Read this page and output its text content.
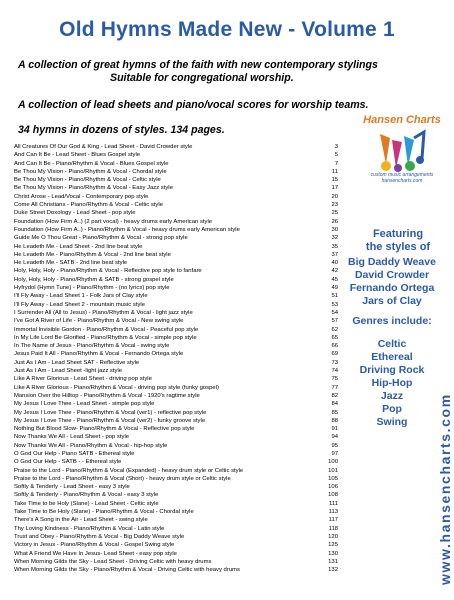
Old Hymns Made New - Volume 1
A collection of great hymns of the faith with new contemporary stylings
Suitable for congregational worship.
A collection of lead sheets and piano/vocal scores for worship teams.
34 hymns in dozens of styles. 134 pages.
All Creatures Of Our God & King - Lead Sheet - David Crowder style	3
And Can It Be - Lead Sheet - Blues Gospel style	5
And Can It Be - Piano/Rhythm & Vocal - Blues Gospel style	7
Be Thou My Vision - Piano/Rhythm & Vocal - Chordal style	11
Be Thou My Vision - Piano/Rhythm & Vocal - Celtic style	15
Be Thou My Vision - Piano/Rhythm & Vocal - Easy Jazz style	17
Christ Arose - Lead/Vocal - Contemporary pop style	20
Come All Christians - Piano/Rhythm & Vocal - Celtic style	23
Duke Street Doxology - Lead Sheet - pop style	25
Foundation (How Firm A..) (2 part vocal) - heavy drums early American style	26
Foundation (How Firm A..) - Piano/Rhythm & Vocal - heavy drums early American style	30
Guide Me O Thou Great - Piano/Rhythm & Vocal - strong pop style	32
He Leadeth Me - Lead Sheet - 2nd line beat style	35
He Leadeth Me - Piano/Rhythm & Vocal - 2nd line beat style	37
He Leadeth Me - SATB - 2nd line beat style	40
Holy, Holy, Holy - Piano/Rhythm & Vocal - Reflective pop style to fanfare	42
Holy, Holy, Holy - Piano/Rhythm & SATB - strong gospel style	45
Hyfrydol (Hymn Tune) - Piano/Rhythm - (no lyrics) pop style	49
I'll Fly Away - Lead Sheet 1 - Folk Jars of Clay style	51
I'll Fly Away - Lead Sheet 2 - mountain music style	53
I Surrender All (All to Jesus) - Piano/Rhythm & Vocal - light jazz style	54
I've Got A River of Life - Piano/Rhythm & Vocal - New swing style	57
Immortal Invisible Gordon - Piano/Rhythm & Vocal - Peaceful pop style	62
In My Life Lord Be Glorified - Piano/Rhythm & Vocal - simple pop style	65
In The Name of Jesus - Piano/Rhythm & Vocal - swing style	66
Jesus Paid It All - Piano/Rhythm & Vocal - Fernando Ortega style	69
Just As I Am - Lead Sheet SAT - Reflective style	73
Just As I Am - Lead Sheet -light jazz style	74
Like A River Glorious - Lead Sheet - driving pop style	75
Like A River Glorious - Piano/Rhythm & Vocal - driving pop style (funky gospel)	77
Mansion Over the Hilltop - Piano/Rhythm & Vocal - 1920's ragtime style	82
My Jesus I Love Thee - Lead Sheet - simple pop style	84
My Jesus I Love Thee - Piano/Rhythm & Vocal (ver1) - reflective pop style	85
My Jesus I Love Thee - Piano/Rhythm & Vocal (ver2) - funky groove style	88
Nothing But Blood Slow- Piano/Rhythm & Vocal - Reflective pop style	91
Now Thanks We All - Lead Sheet - pop style	94
Now Thanks We All - Piano/Rhythm & Vocal - hip-hop style	95
O God Our Help - Piano SATB - Ethereal style	97
O God Our Help - SATB - - Ethereal style	100
Praise to the Lord - Piano/Rhythm & Vocal (Expanded) - heavy drum style or Celtic style	101
Praise to the Lord - Piano/Rhythm & Vocal (Short) - heavy drum style or Celtic style	105
Softly & Tenderly - Lead Sheet - easy 3 style	106
Softly & Tenderly - Piano/Rhythm & Vocal - easy 3 style	108
Take Time to be Holy (Slane) - Lead Sheet - Celtic style	111
Take Time to Be Holy (Slane) - Piano/Rhythm & Vocal - Chordal style	113
There's A Song in the Air - Lead Sheet - swing style	117
Thy Loving Kindness - Piano/Rhythm & Vocal - Latin style	118
Trust and Obey - Piano/Rhythm & Vocal - Big Daddy Weave style	120
Victory in Jesus - Piano/Rhythm & Vocal - Gospel Swing style	125
What A Friend We Have In Jesus- Lead Sheet - easy pop style	130
When Morning Gilds the Sky - Lead Sheet - Driving Celtic with heavy drums	131
When Morning Gilds the Sky - Piano/Rhythm & Vocal - Driving Celtic with heavy drums	132
Hansen Charts
custom music arrangements
hansencharts.com
Featuring
the styles of
Big Daddy Weave
David Crowder
Fernando Ortega
Jars of Clay
Genres include:
Celtic
Ethereal
Driving Rock
Hip-Hop
Jazz
Pop
Swing	www.hansencharts.com
